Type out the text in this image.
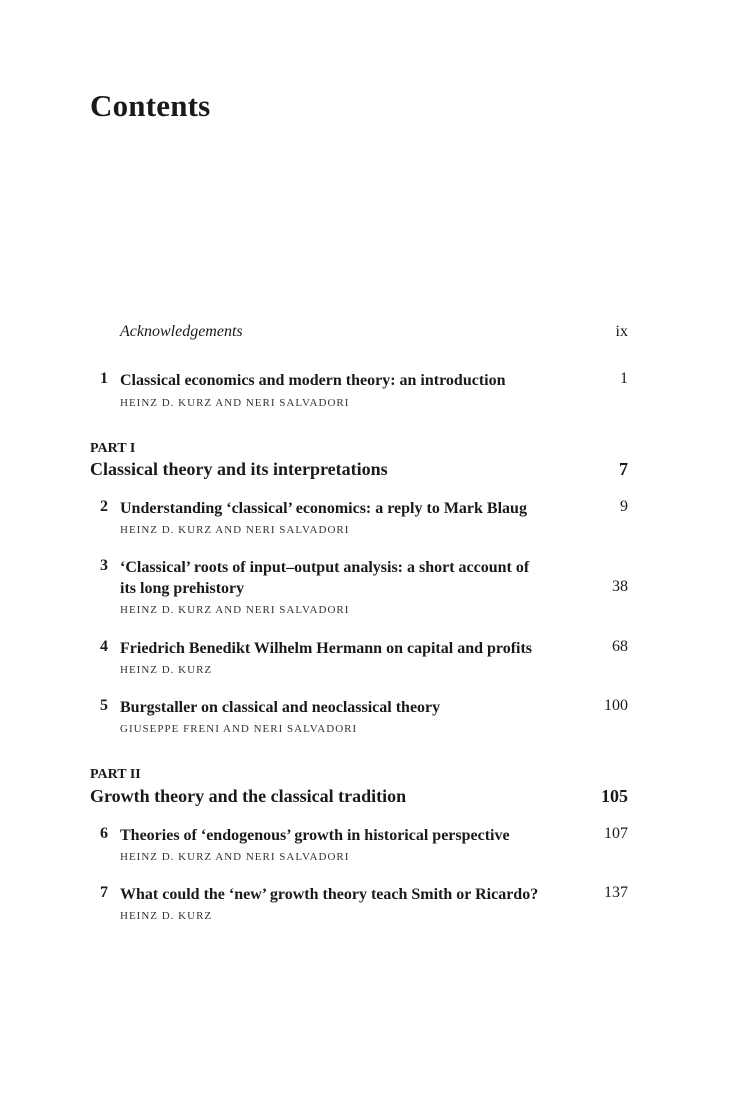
Contents
Acknowledgements	ix
1 Classical economics and modern theory: an introduction	1
HEINZ D. KURZ AND NERI SALVADORI
PART I
Classical theory and its interpretations	7
2 Understanding ‘classical’ economics: a reply to Mark Blaug	9
HEINZ D. KURZ AND NERI SALVADORI
3 ‘Classical’ roots of input–output analysis: a short account of
its long prehistory	38
HEINZ D. KURZ AND NERI SALVADORI
4 Friedrich Benedikt Wilhelm Hermann on capital and profits	68
HEINZ D. KURZ
5 Burgstaller on classical and neoclassical theory	100
GIUSEPPE FRENI AND NERI SALVADORI
PART II
Growth theory and the classical tradition	105
6 Theories of ‘endogenous’ growth in historical perspective	107
HEINZ D. KURZ AND NERI SALVADORI
7 What could the ‘new’ growth theory teach Smith or Ricardo?	137
HEINZ D. KURZ
